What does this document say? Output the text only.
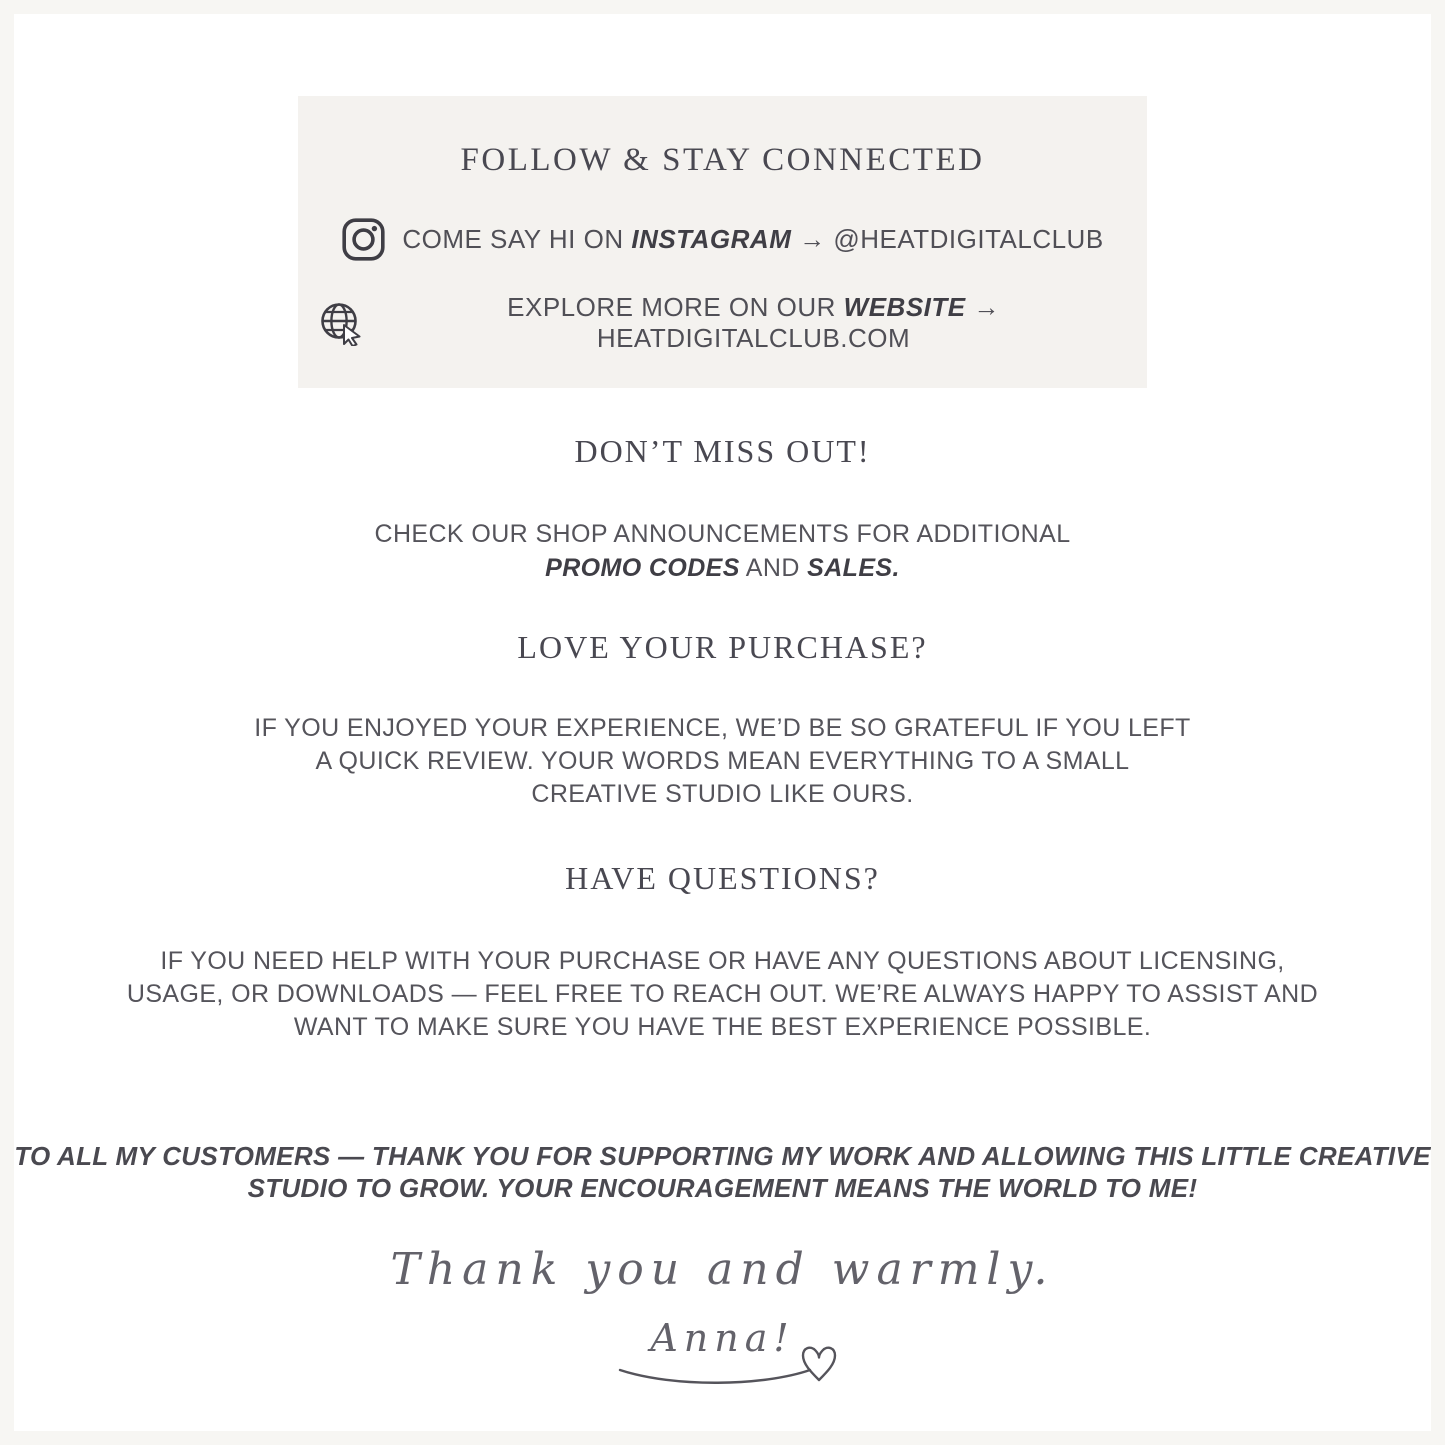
FOLLOW & STAY CONNECTED
COME SAY HI ON INSTAGRAM → @HEATDIGITALCLUB
EXPLORE MORE ON OUR WEBSITE → HEATDIGITALCLUB.COM
DON’T MISS OUT!
CHECK OUR SHOP ANNOUNCEMENTS FOR ADDITIONAL
PROMO CODES AND SALES.
LOVE YOUR PURCHASE?
IF YOU ENJOYED YOUR EXPERIENCE, WE’D BE SO GRATEFUL IF YOU LEFT
A QUICK REVIEW. YOUR WORDS MEAN EVERYTHING TO A SMALL
CREATIVE STUDIO LIKE OURS.
HAVE QUESTIONS?
IF YOU NEED HELP WITH YOUR PURCHASE OR HAVE ANY QUESTIONS ABOUT LICENSING,
USAGE, OR DOWNLOADS — FEEL FREE TO REACH OUT. WE’RE ALWAYS HAPPY TO ASSIST AND
WANT TO MAKE SURE YOU HAVE THE BEST EXPERIENCE POSSIBLE.
TO ALL MY CUSTOMERS — THANK YOU FOR SUPPORTING MY WORK AND ALLOWING THIS LITTLE CREATIVE
STUDIO TO GROW. YOUR ENCOURAGEMENT MEANS THE WORLD TO ME!
Thank you and warmly.
Anna!
